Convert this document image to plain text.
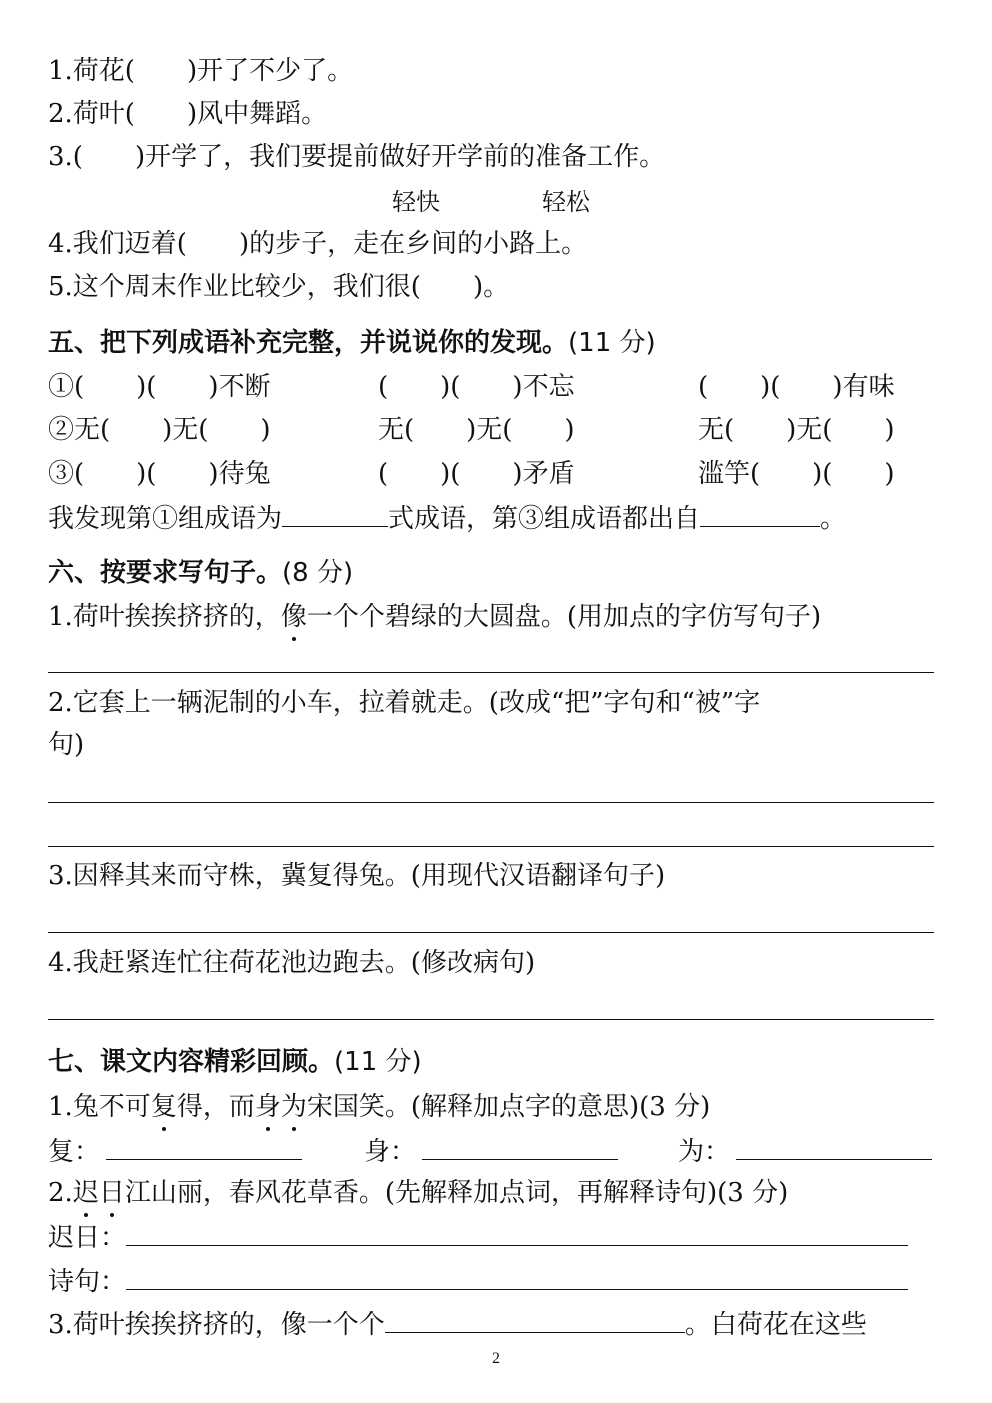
1.荷花(　　)开了不少了。
2.荷叶(　　)风中舞蹈。
3.(　　)开学了，我们要提前做好开学前的准备工作。
轻快	轻松
4.我们迈着(　　)的步子，走在乡间的小路上。
5.这个周末作业比较少，我们很(　　)。
五、把下列成语补充完整，并说说你的发现。(11 分)
①(　　)(　　)不断	(　　)(　　)不忘	(　　)(　　)有味
②无(　　)无(　　)	无(　　)无(　　)	无(　　)无(　　)
③(　　)(　　)待兔	(　　)(　　)矛盾	滥竽(　　)(　　)
我发现第①组成语为	式成语，第③组成语都出自	。
六、按要求写句子。(8 分)
1.荷叶挨挨挤挤的，像一个个碧绿的大圆盘。(用加点的字仿写句子)
2.它套上一辆泥制的小车，拉着就走。(改成“把”字句和“被”字
句)
3.因释其来而守株，冀复得兔。(用现代汉语翻译句子)
4.我赶紧连忙往荷花池边跑去。(修改病句)
七、课文内容精彩回顾。(11 分)
1.兔不可复得，而身为宋国笑。(解释加点字的意思)(3 分)
复：	身：	为：
2.迟日江山丽，春风花草香。(先解释加点词，再解释诗句)(3 分)
迟日：
诗句：
3.荷叶挨挨挤挤的，像一个个	。白荷花在这些
2
